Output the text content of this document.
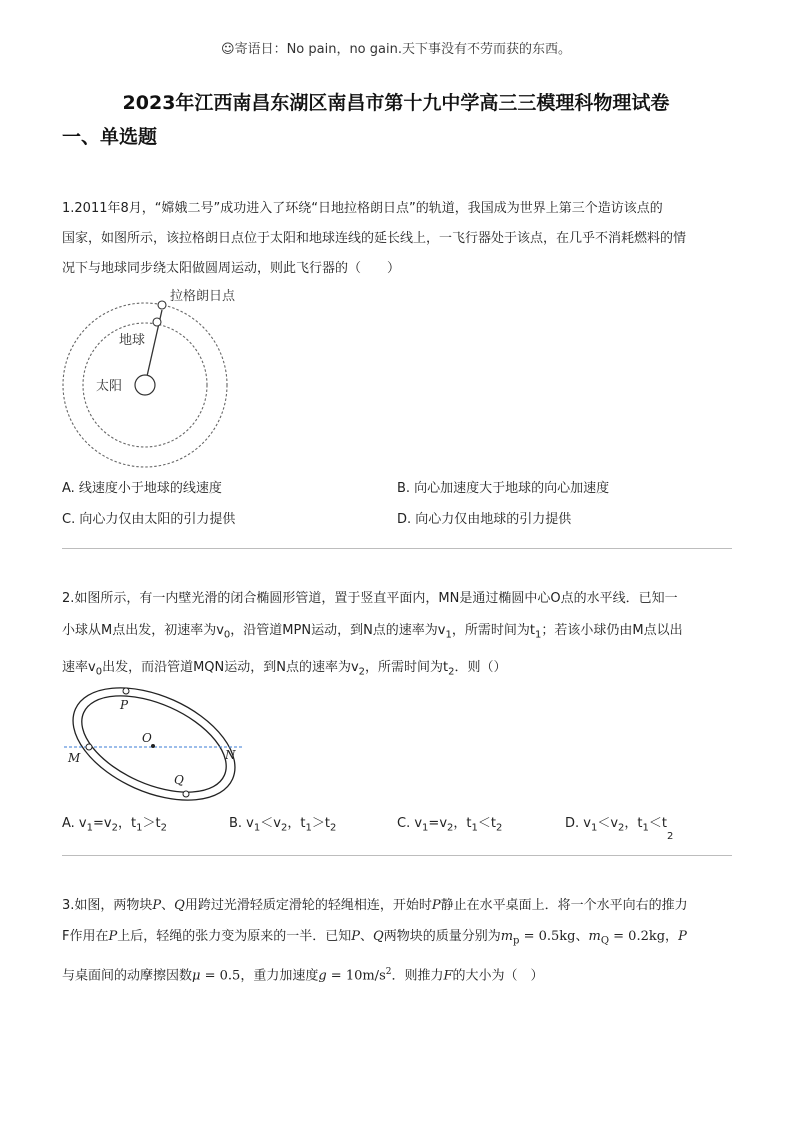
☺寄语日：No pain，no gain.天下事没有不劳而获的东西。
2023年江西南昌东湖区南昌市第十九中学高三三模理科物理试卷
一、单选题

1.2011年8月，“嫦娥二号”成功进入了环绕“日地拉格朗日点”的轨道，我国成为世界上第三个造访该点的

国家，如图所示，该拉格朗日点位于太阳和地球连线的延长线上，一飞行器处于该点，在几乎不消耗燃料的情

况下与地球同步绕太阳做圆周运动，则此飞行器的（　　）

拉格朗日点
地球
太阳
A. 线速度小于地球的线速度	B. 向心加速度大于地球的向心加速度
C. 向心力仅由太阳的引力提供	D. 向心力仅由地球的引力提供

2.如图所示，有一内壁光滑的闭合椭圆形管道，置于竖直平面内，MN是通过椭圆中心O点的水平线．已知一

小球从M点出发，初速率为$v_0$，沿管道MPN运动，到N点的速率为$v_1$，所需时间为$t_1$；若该小球仍由M点以出

速率$v_0$出发，而沿管道MQN运动，到N点的速率为$v_2$，所需时间为$t_2$．则（）

P
O
M	N
Q
A. $v_1=v_2$，$t_1>t_2$	B. $v_1<v_2$，$t_1>t_2$	C. $v_1=v_2$，$t_1<t_2$	D. $v_1<v_2$，$t_1<t_2$

3.如图，两物块P、Q用跨过光滑轻质定滑轮的轻绳相连，开始时P静止在水平桌面上．将一个水平向右的推力

F作用在P上后，轻绳的张力变为原来的一半．已知P、Q两物块的质量分别为$m_p = 0.5kg$、$m_Q = 0.2kg$，P

与桌面间的动摩擦因数μ = 0.5，重力加速度$g = 10m/s^2$．则推力F的大小为（　）
